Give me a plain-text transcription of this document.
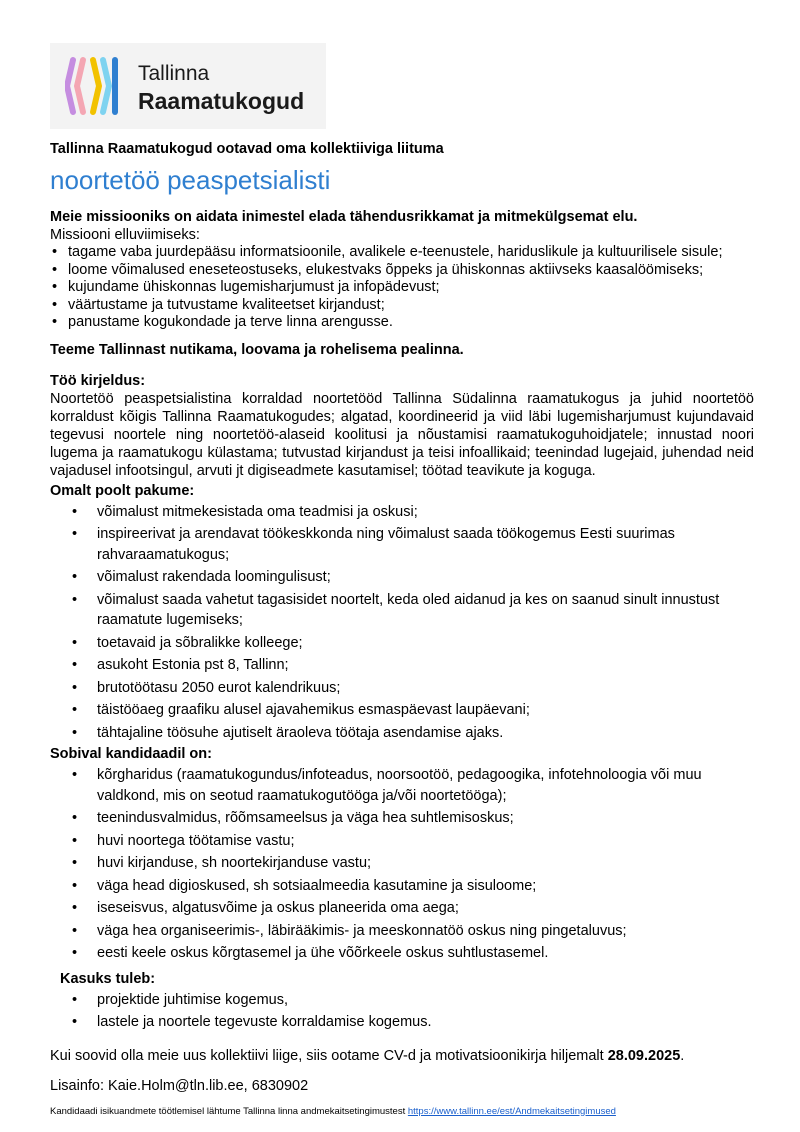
Tallinna
Raamatukogud

Tallinna Raamatukogud ootavad oma kollektiiviga liituma

noortetöö peaspetsialisti

Meie missiooniks on aidata inimestel elada tähendusrikkamat ja mitmekülgsemat elu.

Missiooni elluviimiseks:

• tagame vaba juurdepääsu informatsioonile, avalikele e-teenustele, hariduslikule ja kultuurilisele sisule;
• loome võimalused eneseteostuseks, elukestvaks õppeks ja ühiskonnas aktiivseks kaasalöömiseks;
• kujundame ühiskonnas lugemisharjumust ja infopädevust;
• väärtustame ja tutvustame kvaliteetset kirjandust;
• panustame kogukondade ja terve linna arengusse.

Teeme Tallinnast nutikama, loovama ja rohelisema pealinna.

Töö kirjeldus:

Noortetöö peaspetsialistina korraldad noortetööd Tallinna Südalinna raamatukogus ja juhid noortetöö korraldust kõigis Tallinna Raamatukogudes; algatad, koordineerid ja viid läbi lugemisharjumust kujundavaid tegevusi noortele ning noortetöö-alaseid koolitusi ja nõustamisi raamatukoguhoidjatele; innustad noori lugema ja raamatukogu külastama; tutvustad kirjandust ja teisi infoallikaid; teenindad lugejaid, juhendad neid vajadusel infootsingul, arvuti jt digiseadmete kasutamisel; töötad teavikute ja koguga.

Omalt poolt pakume:

• võimalust mitmekesistada oma teadmisi ja oskusi;
• inspireerivat ja arendavat töökeskkonda ning võimalust saada töökogemus Eesti suurimas rahvaraamatukogus;
• võimalust rakendada loomingulisust;
• võimalust saada vahetut tagasisidet noortelt, keda oled aidanud ja kes on saanud sinult innustust raamatute lugemiseks;
• toetavaid ja sõbralikke kolleege;
• asukoht Estonia pst 8, Tallinn;
• brutotöötasu 2050 eurot kalendrikuus;
• täistööaeg graafiku alusel ajavahemikus esmaspäevast laupäevani;
• tähtajaline töösuhe ajutiselt äraoleva töötaja asendamise ajaks.

Sobival kandidaadil on:

• kõrgharidus (raamatukogundus/infoteadus, noorsootöö, pedagoogika, infotehnoloogia või muu valdkond, mis on seotud raamatukogutööga ja/või noortetööga);
• teenindusvalmidus, rõõmsameelsus ja väga hea suhtlemisoskus;
• huvi noortega töötamise vastu;
• huvi kirjanduse, sh noortekirjanduse vastu;
• väga head digioskused, sh sotsiaalmeedia kasutamine ja sisuloome;
• iseseisvus, algatusvõime ja oskus planeerida oma aega;
• väga hea organiseerimis-, läbirääkimis- ja meeskonnatöö oskus ning pingetaluvus;
• eesti keele oskus kõrgtasemel ja ühe võõrkeele oskus suhtlustasemel.

Kasuks tuleb:

• projektide juhtimise kogemus,
• lastele ja noortele tegevuste korraldamise kogemus.

Kui soovid olla meie uus kollektiivi liige, siis ootame CV-d ja motivatsioonikirja hiljemalt 28.09.2025.

Lisainfo: Kaie.Holm@tln.lib.ee, 6830902

Kandidaadi isikuandmete töötlemisel lähtume Tallinna linna andmekaitsetingimustest https://www.tallinn.ee/est/Andmekaitsetingimused
